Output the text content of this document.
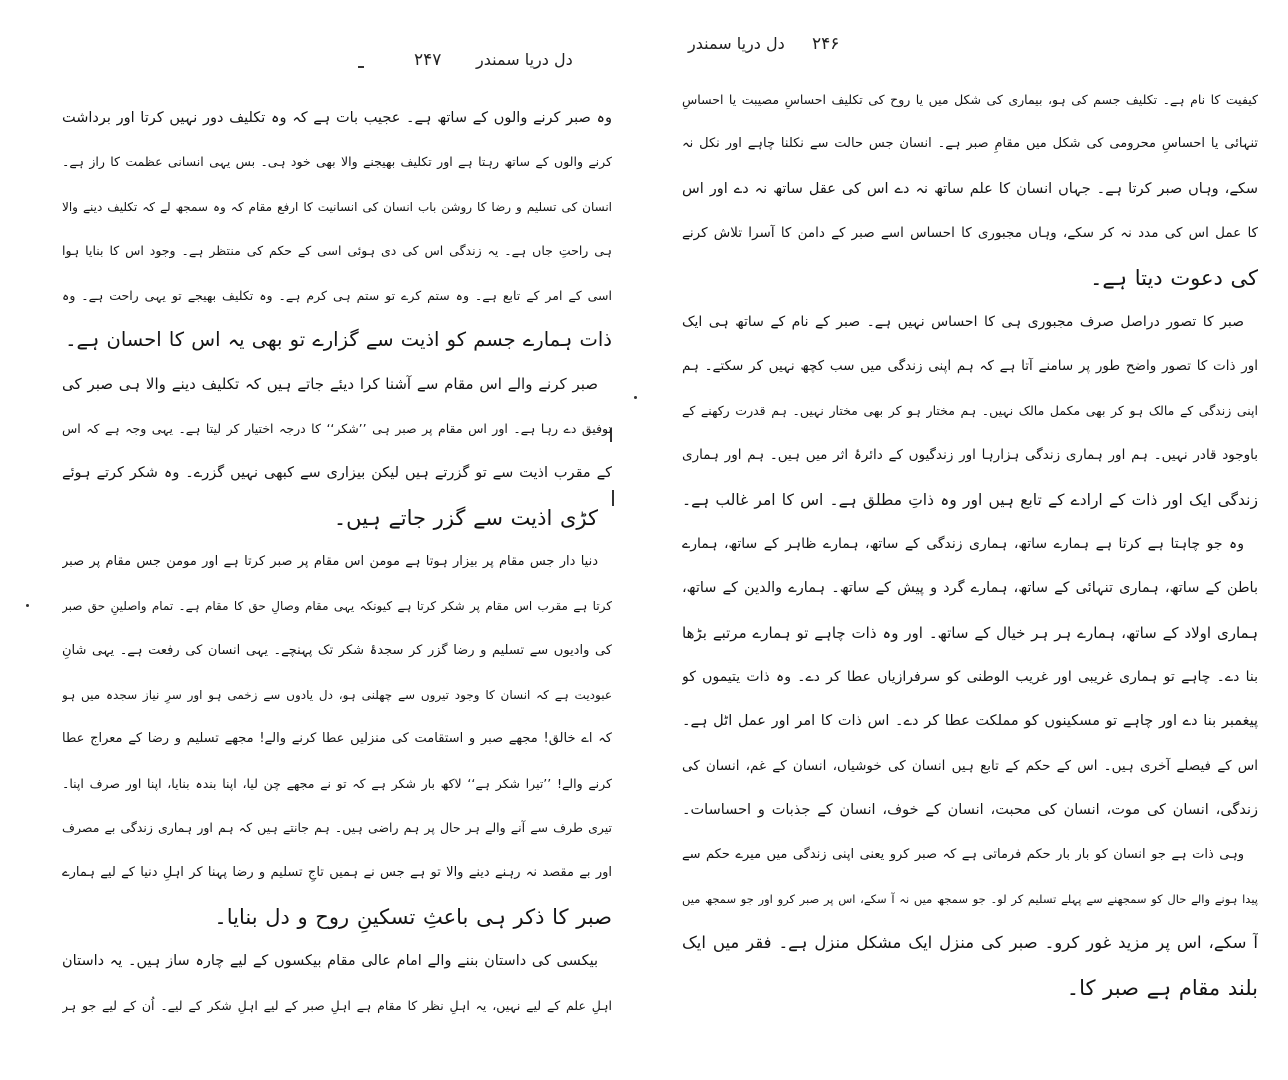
۲۴۷ دل دریا سمندر
وہ صبر کرنے والوں کے ساتھ ہے۔ عجیب بات ہے کہ وہ تکلیف دور نہیں کرتا اور برداشت
کرنے والوں کے ساتھ رہتا ہے اور تکلیف بھیجنے والا بھی خود ہی۔ بس یہی انسانی عظمت کا راز ہے۔
انسان کی تسلیم و رضا کا روشن باب انسان کی انسانیت کا ارفع مقام کہ وہ سمجھ لے کہ تکلیف دینے والا
ہی راحتِ جاں ہے۔ یہ زندگی اس کی دی ہوئی اسی کے حکم کی منتظر ہے۔ وجود اس کا بنایا ہوا
اسی کے امر کے تابع ہے۔ وہ ستم کرے تو ستم ہی کرم ہے۔ وہ تکلیف بھیجے تو یہی راحت ہے۔ وہ
ذات ہمارے جسم کو اذیت سے گزارے تو بھی یہ اس کا احسان ہے۔
صبر کرنے والے اس مقام سے آشنا کرا دیئے جاتے ہیں کہ تکلیف دینے والا ہی صبر کی
توفیق دے رہا ہے۔ اور اس مقام پر صبر ہی ’’شکر‘‘ کا درجہ اختیار کر لیتا ہے۔ یہی وجہ ہے کہ اس
کے مقرب اذیت سے تو گزرتے ہیں لیکن بیزاری سے کبھی نہیں گزرے۔ وہ شکر کرتے ہوئے
کڑی اذیت سے گزر جاتے ہیں۔
دنیا دار جس مقام پر بیزار ہوتا ہے مومن اس مقام پر صبر کرتا ہے اور مومن جس مقام پر صبر
کرتا ہے مقرب اس مقام پر شکر کرتا ہے کیونکہ یہی مقام وصالِ حق کا مقام ہے۔ تمام واصلینِ حق صبر
کی وادیوں سے تسلیم و رضا گزر کر سجدۂ شکر تک پہنچے۔ یہی انسان کی رفعت ہے۔ یہی شانِ
عبودیت ہے کہ انسان کا وجود تیروں سے چھلنی ہو، دل یادوں سے زخمی ہو اور سرِ نیاز سجدہ میں ہو
کہ اے خالق! مجھے صبر و استقامت کی منزلیں عطا کرنے والے! مجھے تسلیم و رضا کے معراج عطا
کرنے والے! ’’تیرا شکر ہے‘‘ لاکھ بار شکر ہے کہ تو نے مجھے چن لیا، اپنا بندہ بنایا، اپنا اور صرف اپنا۔
تیری طرف سے آنے والے ہر حال پر ہم راضی ہیں۔ ہم جانتے ہیں کہ ہم اور ہماری زندگی بے مصرف
اور بے مقصد نہ رہنے دینے والا تو ہے جس نے ہمیں تاجِ تسلیم و رضا پہنا کر اہلِ دنیا کے لیے ہمارے
صبر کا ذکر ہی باعثِ تسکینِ روح و دل بنایا۔
بیکسی کی داستان بننے والے امام عالی مقام بیکسوں کے لیے چارہ ساز ہیں۔ یہ داستان
اہلِ علم کے لیے نہیں، یہ اہلِ نظر کا مقام ہے اہلِ صبر کے لیے اہلِ شکر کے لیے۔ اُن کے لیے جو ہر
دل دریا سمندر ۲۴۶
کیفیت کا نام ہے۔ تکلیف جسم کی ہو، بیماری کی شکل میں یا روح کی تکلیف احساسِ مصیبت یا احساسِ
تنہائی یا احساسِ محرومی کی شکل میں مقامِ صبر ہے۔ انسان جس حالت سے نکلنا چاہے اور نکل نہ
سکے، وہاں صبر کرتا ہے۔ جہاں انسان کا علم ساتھ نہ دے اس کی عقل ساتھ نہ دے اور اس
کا عمل اس کی مدد نہ کر سکے، وہاں مجبوری کا احساس اسے صبر کے دامن کا آسرا تلاش کرنے
کی دعوت دیتا ہے۔
صبر کا تصور دراصل صرف مجبوری ہی کا احساس نہیں ہے۔ صبر کے نام کے ساتھ ہی ایک
اور ذات کا تصور واضح طور پر سامنے آتا ہے کہ ہم اپنی زندگی میں سب کچھ نہیں کر سکتے۔ ہم
اپنی زندگی کے مالک ہو کر بھی مکمل مالک نہیں۔ ہم مختار ہو کر بھی مختار نہیں۔ ہم قدرت رکھنے کے
باوجود قادر نہیں۔ ہم اور ہماری زندگی ہزارہا اور زندگیوں کے دائرۂ اثر میں ہیں۔ ہم اور ہماری
زندگی ایک اور ذات کے ارادے کے تابع ہیں اور وہ ذاتِ مطلق ہے۔ اس کا امر غالب ہے۔
وہ جو چاہتا ہے کرتا ہے ہمارے ساتھ، ہماری زندگی کے ساتھ، ہمارے ظاہر کے ساتھ، ہمارے
باطن کے ساتھ، ہماری تنہائی کے ساتھ، ہمارے گرد و پیش کے ساتھ۔ ہمارے والدین کے ساتھ،
ہماری اولاد کے ساتھ، ہمارے ہر ہر خیال کے ساتھ۔ اور وہ ذات چاہے تو ہمارے مرتبے بڑھا
بنا دے۔ چاہے تو ہماری غریبی اور غریب الوطنی کو سرفرازیاں عطا کر دے۔ وہ ذات یتیموں کو
پیغمبر بنا دے اور چاہے تو مسکینوں کو مملکت عطا کر دے۔ اس ذات کا امر اور عمل اٹل ہے۔
اس کے فیصلے آخری ہیں۔ اس کے حکم کے تابع ہیں انسان کی خوشیاں، انسان کے غم، انسان کی
زندگی، انسان کی موت، انسان کی محبت، انسان کے خوف، انسان کے جذبات و احساسات۔
وہی ذات ہے جو انسان کو بار بار حکم فرماتی ہے کہ صبر کرو یعنی اپنی زندگی میں میرے حکم سے
پیدا ہونے والے حال کو سمجھنے سے پہلے تسلیم کر لو۔ جو سمجھ میں نہ آ سکے، اس پر صبر کرو اور جو سمجھ میں
آ سکے، اس پر مزید غور کرو۔ صبر کی منزل ایک مشکل منزل ہے۔ فقر میں ایک
بلند مقام ہے صبر کا۔
